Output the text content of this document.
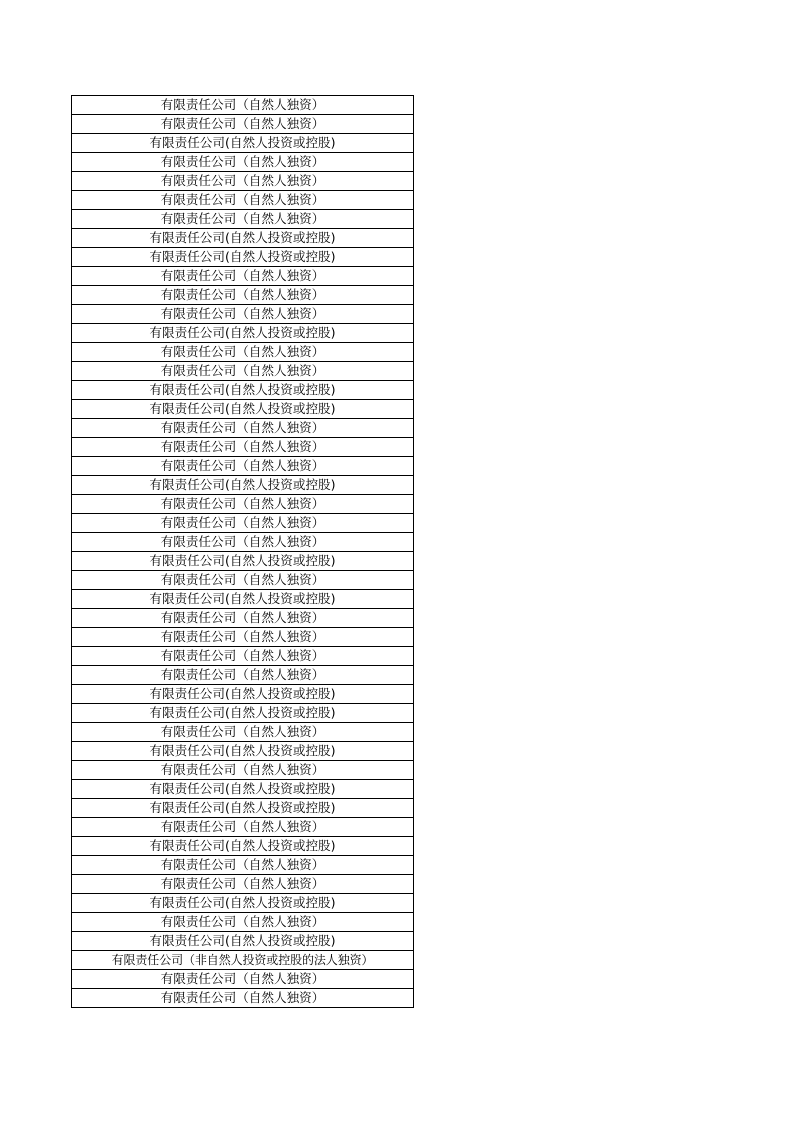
有限责任公司（自然人独资）
有限责任公司（自然人独资）
有限责任公司(自然人投资或控股)
有限责任公司（自然人独资）
有限责任公司（自然人独资）
有限责任公司（自然人独资）
有限责任公司（自然人独资）
有限责任公司(自然人投资或控股)
有限责任公司(自然人投资或控股)
有限责任公司（自然人独资）
有限责任公司（自然人独资）
有限责任公司（自然人独资）
有限责任公司(自然人投资或控股)
有限责任公司（自然人独资）
有限责任公司（自然人独资）
有限责任公司(自然人投资或控股)
有限责任公司(自然人投资或控股)
有限责任公司（自然人独资）
有限责任公司（自然人独资）
有限责任公司（自然人独资）
有限责任公司(自然人投资或控股)
有限责任公司（自然人独资）
有限责任公司（自然人独资）
有限责任公司（自然人独资）
有限责任公司(自然人投资或控股)
有限责任公司（自然人独资）
有限责任公司(自然人投资或控股)
有限责任公司（自然人独资）
有限责任公司（自然人独资）
有限责任公司（自然人独资）
有限责任公司（自然人独资）
有限责任公司(自然人投资或控股)
有限责任公司(自然人投资或控股)
有限责任公司（自然人独资）
有限责任公司(自然人投资或控股)
有限责任公司（自然人独资）
有限责任公司(自然人投资或控股)
有限责任公司(自然人投资或控股)
有限责任公司（自然人独资）
有限责任公司(自然人投资或控股)
有限责任公司（自然人独资）
有限责任公司（自然人独资）
有限责任公司(自然人投资或控股)
有限责任公司（自然人独资）
有限责任公司(自然人投资或控股)
有限责任公司（非自然人投资或控股的法人独资）
有限责任公司（自然人独资）
有限责任公司（自然人独资）
